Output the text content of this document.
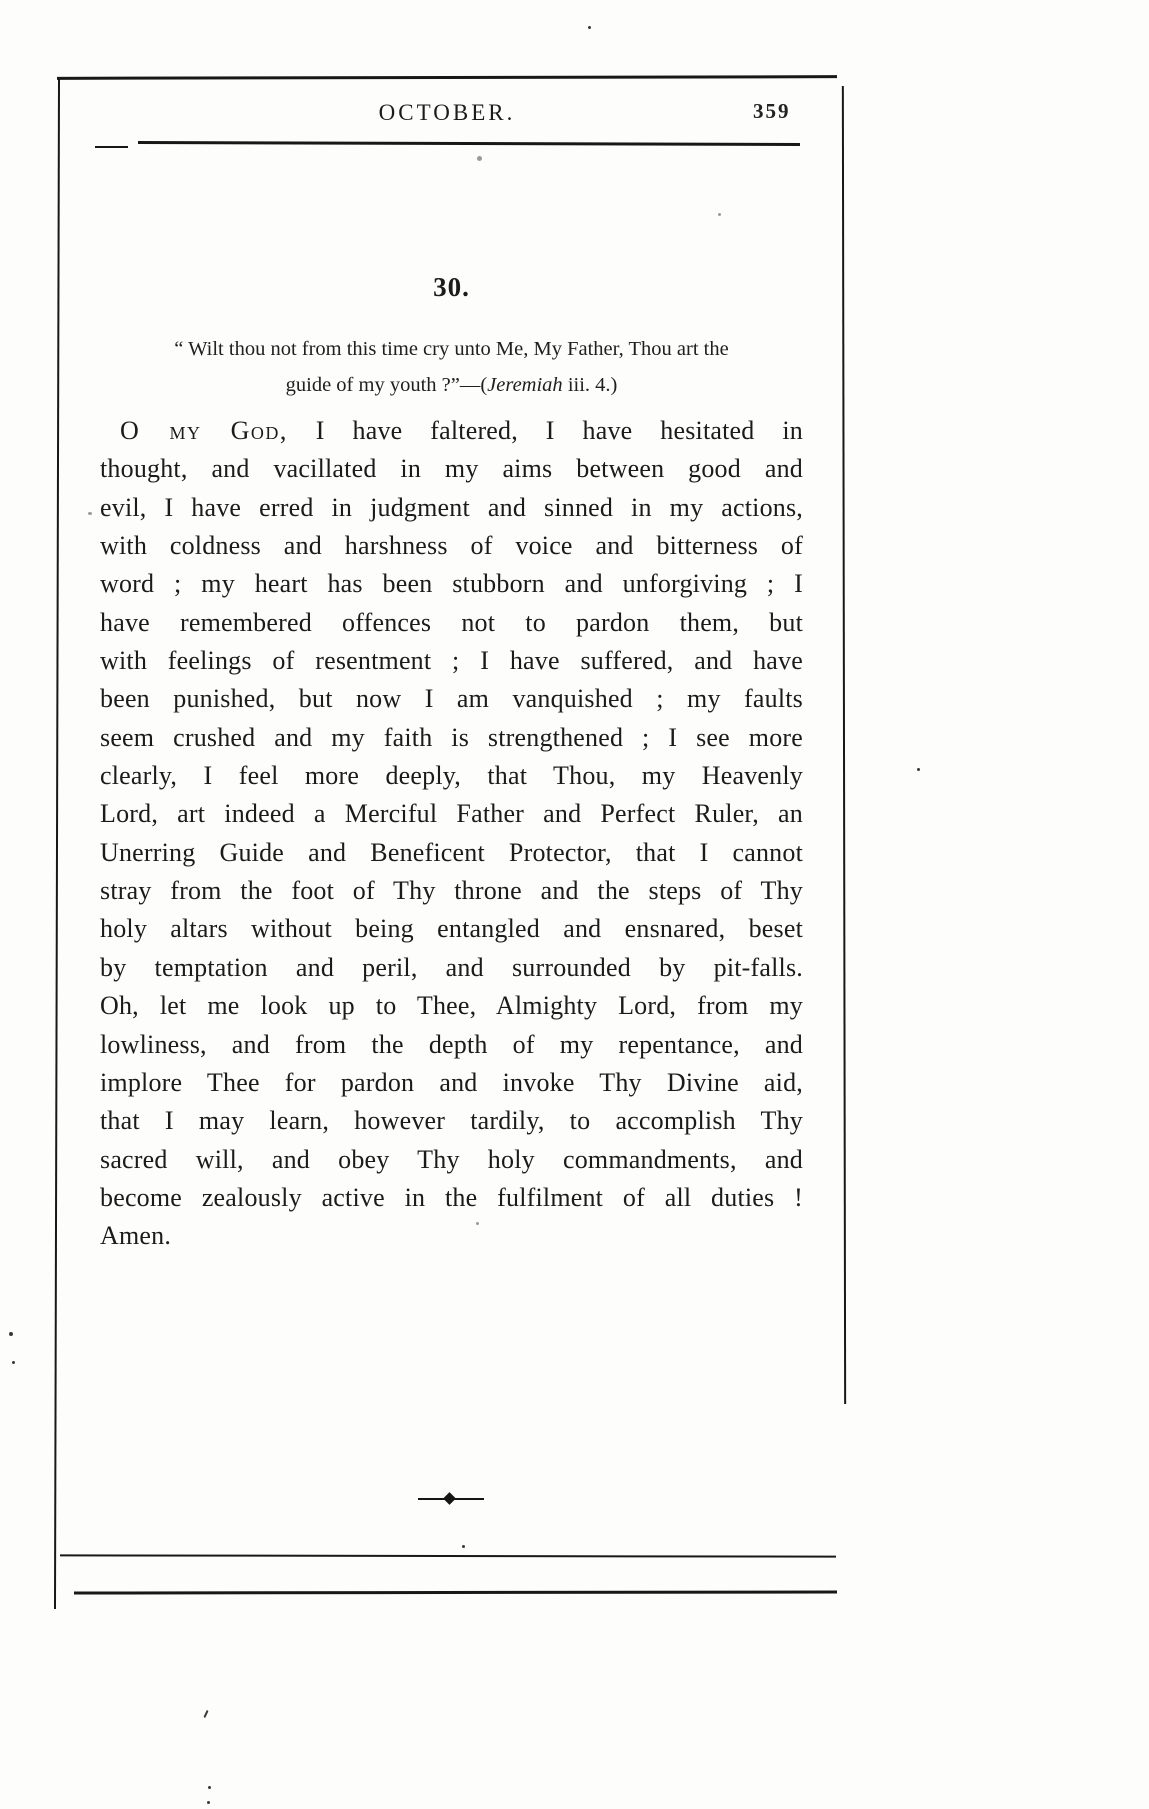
OCTOBER.	359
30.
“ Wilt thou not from this time cry unto Me, My Father, Thou art the
guide of my youth ?”—(Jeremiah iii. 4.)
O my God, I have faltered, I have hesitated in
thought, and vacillated in my aims between good and
evil, I have erred in judgment and sinned in my actions,
with coldness and harshness of voice and bitterness of
word ; my heart has been stubborn and unforgiving ; I
have remembered offences not to pardon them, but
with feelings of resentment ; I have suffered, and have
been punished, but now I am vanquished ; my faults
seem crushed and my faith is strengthened ; I see more
clearly, I feel more deeply, that Thou, my Heavenly
Lord, art indeed a Merciful Father and Perfect Ruler, an
Unerring Guide and Beneficent Protector, that I cannot
stray from the foot of Thy throne and the steps of Thy
holy altars without being entangled and ensnared, beset
by temptation and peril, and surrounded by pit-falls.
Oh, let me look up to Thee, Almighty Lord, from my
lowliness, and from the depth of my repentance, and
implore Thee for pardon and invoke Thy Divine aid,
that I may learn, however tardily, to accomplish Thy
sacred will, and obey Thy holy commandments, and
become zealously active in the fulfilment of all duties !
Amen.
